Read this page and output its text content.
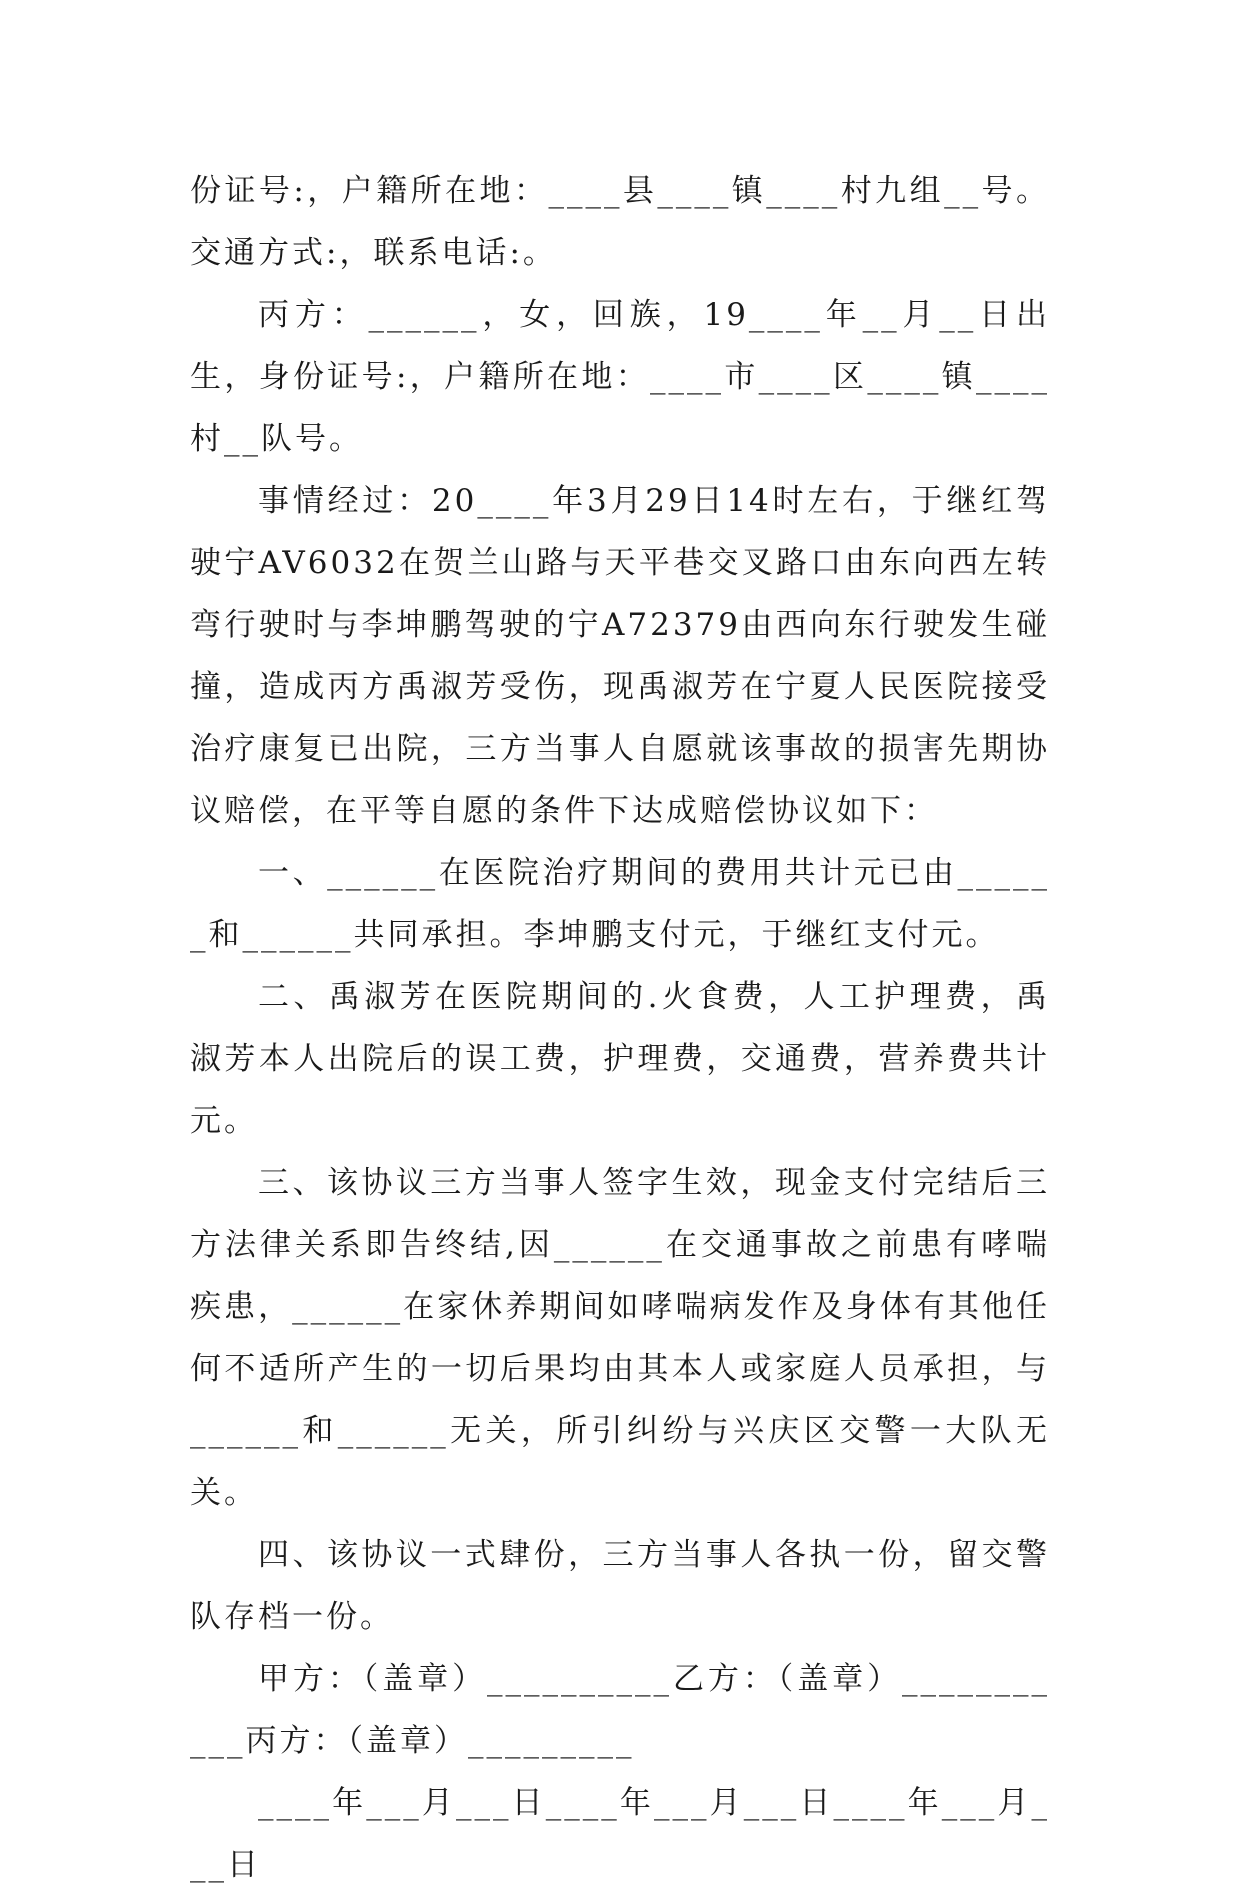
份证号:，户籍所在地：____县____镇____村九组__号。交通方式:，联系电话:。

丙方：______，女，回族，19____年__月__日出生，身份证号:，户籍所在地：____市____区____镇____村__队号。

事情经过：20____年3月29日14时左右，于继红驾驶宁AV6032在贺兰山路与天平巷交叉路口由东向西左转弯行驶时与李坤鹏驾驶的宁A72379由西向东行驶发生碰撞，造成丙方禹淑芳受伤，现禹淑芳在宁夏人民医院接受治疗康复已出院，三方当事人自愿就该事故的损害先期协议赔偿，在平等自愿的条件下达成赔偿协议如下：

一、______在医院治疗期间的费用共计元已由______和______共同承担。李坤鹏支付元，于继红支付元。

二、禹淑芳在医院期间的.火食费，人工护理费，禹淑芳本人出院后的误工费，护理费，交通费，营养费共计元。

三、该协议三方当事人签字生效，现金支付完结后三方法律关系即告终结,因______在交通事故之前患有哮喘疾患，______在家休养期间如哮喘病发作及身体有其他任何不适所产生的一切后果均由其本人或家庭人员承担，与______和______无关，所引纠纷与兴庆区交警一大队无关。

四、该协议一式肆份，三方当事人各执一份，留交警队存档一份。

甲方：（盖章）__________乙方：（盖章）___________丙方：（盖章）_________

____年___月___日____年___月___日____年___月___日
